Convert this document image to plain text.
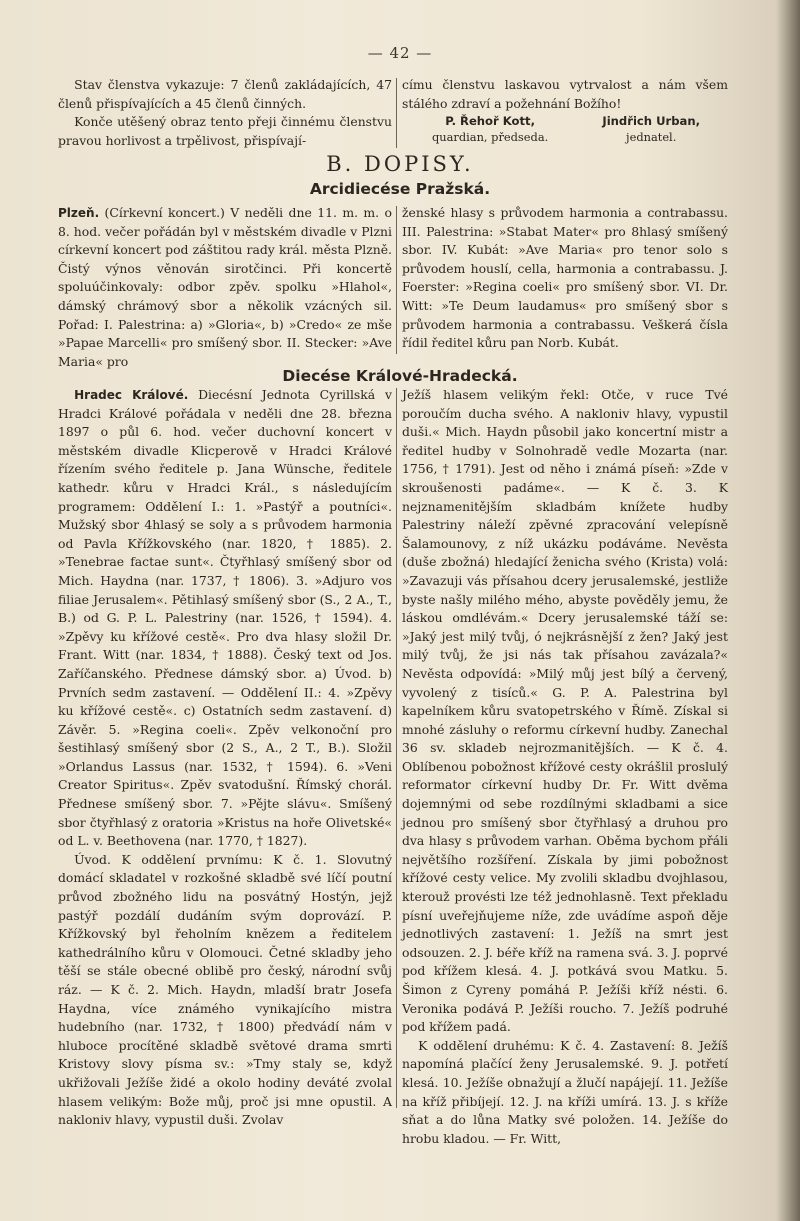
— 42 —

Stav členstva vykazuje: 7 členů zakládajících, 47 členů přispívajících a 45 členů činných.

Konče utěšený obraz tento přeji činnému členstvu pravou horlivost a trpělivost, přispívají-

címu členstvu laskavou vytrvalost a nám všem stálého zdraví a požehnání Božího!

P. Řehoř Kott,
quardian, předseda.
Jindřich Urban,
jednatel.
B. DOPISY.
Arcidiecése Pražská.

Plzeň. (Církevní koncert.) V neděli dne 11. m. m. o 8. hod. večer pořádán byl v městském divadle v Plzni církevní koncert pod záštitou rady král. města Plzně. Čistý výnos věnován sirotčinci. Při koncertě spoluúčinkovaly: odbor zpěv. spolku »Hlahol«, dámský chrámový sbor a několik vzácných sil. Pořad: I. Palestrina: a) »Gloria«, b) »Credo« ze mše »Papae Marcelli« pro smíšený sbor. II. Stecker: »Ave Maria« pro

ženské hlasy s průvodem harmonia a contrabassu. III. Palestrina: »Stabat Mater« pro 8hlasý smíšený sbor. IV. Kubát: »Ave Maria« pro tenor solo s průvodem houslí, cella, harmonia a contrabassu. J. Foerster: »Regina coeli« pro smíšený sbor. VI. Dr. Witt: »Te Deum laudamus« pro smíšený sbor s průvodem harmonia a contrabassu. Veškerá čísla řídil ředitel kůru pan Norb. Kubát.

Diecése Králové-Hradecká.

Hradec Králové. Diecésní Jednota Cyrillská v Hradci Králové pořádala v neděli dne 28. března 1897 o půl 6. hod. večer duchovní koncert v městském divadle Klicperově v Hradci Králové řízením svého ředitele p. Jana Wünsche, ředitele kathedr. kůru v Hradci Král., s následujícím programem: Oddělení I.: 1. »Pastýř a poutníci«. Mužský sbor 4hlasý se soly a s průvodem harmonia od Pavla Křížkovského (nar. 1820, † 1885). 2. »Tenebrae factae sunt«. Čtyřhlasý smíšený sbor od Mich. Haydna (nar. 1737, † 1806). 3. »Adjuro vos filiae Jerusalem«. Pětihlasý smíšený sbor (S., 2 A., T., B.) od G. P. L. Palestriny (nar. 1526, † 1594). 4. »Zpěvy ku křížové cestě«. Pro dva hlasy složil Dr. Frant. Witt (nar. 1834, † 1888). Český text od Jos. Zaříčanského. Přednese dámský sbor. a) Úvod. b) Prvních sedm zastavení. — Oddělení II.: 4. »Zpěvy ku křížové cestě«. c) Ostatních sedm zastavení. d) Závěr. 5. »Regina coeli«. Zpěv velkonoční pro šestihlasý smíšený sbor (2 S., A., 2 T., B.). Složil »Orlandus Lassus (nar. 1532, † 1594). 6. »Veni Creator Spiritus«. Zpěv svatodušní. Římský chorál. Přednese smíšený sbor. 7. »Pějte slávu«. Smíšený sbor čtyřhlasý z oratoria »Kristus na hoře Olivetské« od L. v. Beethovena (nar. 1770, † 1827).

Úvod. K oddělení prvnímu: K č. 1. Slovutný domácí skladatel v rozkošné skladbě své líčí poutní průvod zbožného lidu na posvátný Hostýn, jejž pastýř pozdálí dudáním svým doprovází. P. Křížkovský byl řeholním knězem a ředitelem kathedrálního kůru v Olomouci. Četné skladby jeho těší se stále obecné oblibě pro český, národní svůj ráz. — K č. 2. Mich. Haydn, mladší bratr Josefa Haydna, více známého vynikajícího mistra hudebního (nar. 1732, † 1800) předvádí nám v hluboce procítěné skladbě světové drama smrti Kristovy slovy písma sv.: »Tmy staly se, když ukřižovali Ježíše židé a okolo hodiny deváté zvolal hlasem velikým: Bože můj, proč jsi mne opustil. A nakloniv hlavy, vypustil duši. Zvolav

Ježíš hlasem velikým řekl: Otče, v ruce Tvé poroučím ducha svého. A nakloniv hlavy, vypustil duši.« Mich. Haydn působil jako koncertní mistr a ředitel hudby v Solnohradě vedle Mozarta (nar. 1756, † 1791). Jest od něho i známá píseň: »Zde v skroušenosti padáme«. — K č. 3. K nejznamenitějším skladbám knížete hudby Palestriny náleží zpěvné zpracování velepísně Šalamounovy, z níž ukázku podáváme. Nevěsta (duše zbožná) hledající ženicha svého (Krista) volá: »Zavazuji vás přísahou dcery jerusalemské, jestliže byste našly milého mého, abyste pověděly jemu, že láskou omdlévám.« Dcery jerusalemské táží se: »Jaký jest milý tvůj, ó nejkrásnější z žen? Jaký jest milý tvůj, že jsi nás tak přísahou zavázala?« Nevěsta odpovídá: »Milý můj jest bílý a červený, vyvolený z tisíců.« G. P. A. Palestrina byl kapelníkem kůru svatopetrského v Římě. Získal si mnohé zásluhy o reformu církevní hudby. Zanechal 36 sv. skladeb nejrozmanitějších. — K č. 4. Oblíbenou pobožnost křížové cesty okrášlil proslulý reformator církevní hudby Dr. Fr. Witt dvěma dojemnými od sebe rozdílnými skladbami a sice jednou pro smíšený sbor čtyřhlasý a druhou pro dva hlasy s průvodem varhan. Oběma bychom přáli největšího rozšíření. Získala by jimi pobožnost křížové cesty velice. My zvolili skladbu dvojhlasou, kterouž provésti lze též jednohlasně. Text překladu písní uveřejňujeme níže, zde uvádíme aspoň děje jednotlivých zastavení: 1. Ježíš na smrt jest odsouzen. 2. J. béře kříž na ramena svá. 3. J. poprvé pod křížem klesá. 4. J. potkává svou Matku. 5. Šimon z Cyreny pomáhá P. Ježíši kříž nésti. 6. Veronika podává P. Ježíši roucho. 7. Ježíš podruhé pod křížem padá.

K oddělení druhému: K č. 4. Zastavení: 8. Ježíš napomíná plačící ženy Jerusalemské. 9. J. potřetí klesá. 10. Ježíše obnažují a žlučí napájejí. 11. Ježíše na kříž přibíjejí. 12. J. na kříži umírá. 13. J. s kříže sňat a do lůna Matky své položen. 14. Ježíše do hrobu kladou. — Fr. Witt,
